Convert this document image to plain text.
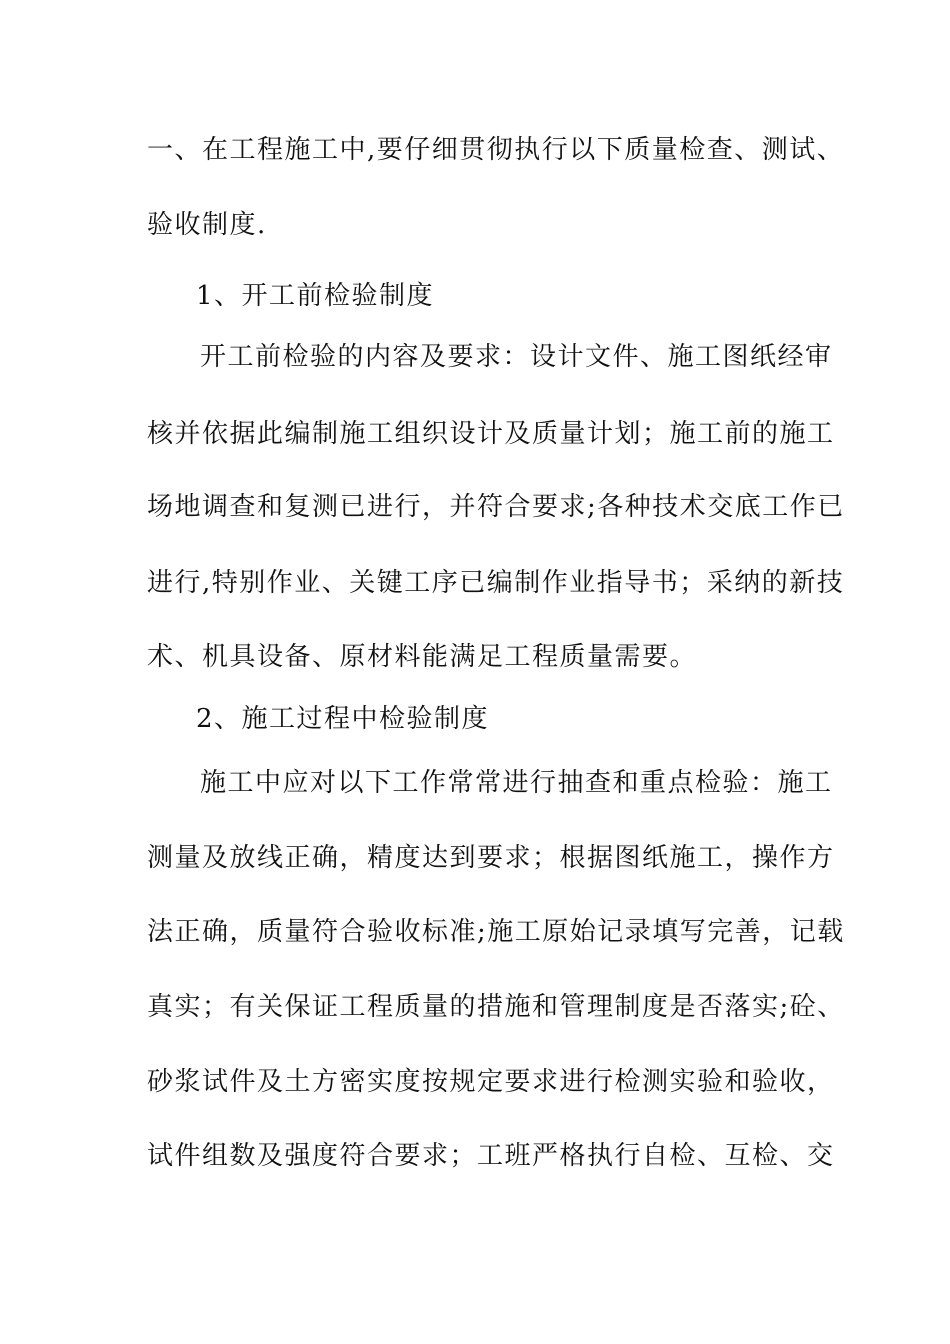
一、在工程施工中,要仔细贯彻执行以下质量检查、测试、
验收制度.
1、开工前检验制度
开工前检验的内容及要求：设计文件、施工图纸经审
核并依据此编制施工组织设计及质量计划；施工前的施工
场地调查和复测已进行，并符合要求;各种技术交底工作已
进行,特别作业、关键工序已编制作业指导书；采纳的新技
术、机具设备、原材料能满足工程质量需要。
2、施工过程中检验制度
施工中应对以下工作常常进行抽查和重点检验：施工
测量及放线正确，精度达到要求；根据图纸施工，操作方
法正确，质量符合验收标准;施工原始记录填写完善，记载
真实；有关保证工程质量的措施和管理制度是否落实;砼、
砂浆试件及土方密实度按规定要求进行检测实验和验收，
试件组数及强度符合要求；工班严格执行自检、互检、交
